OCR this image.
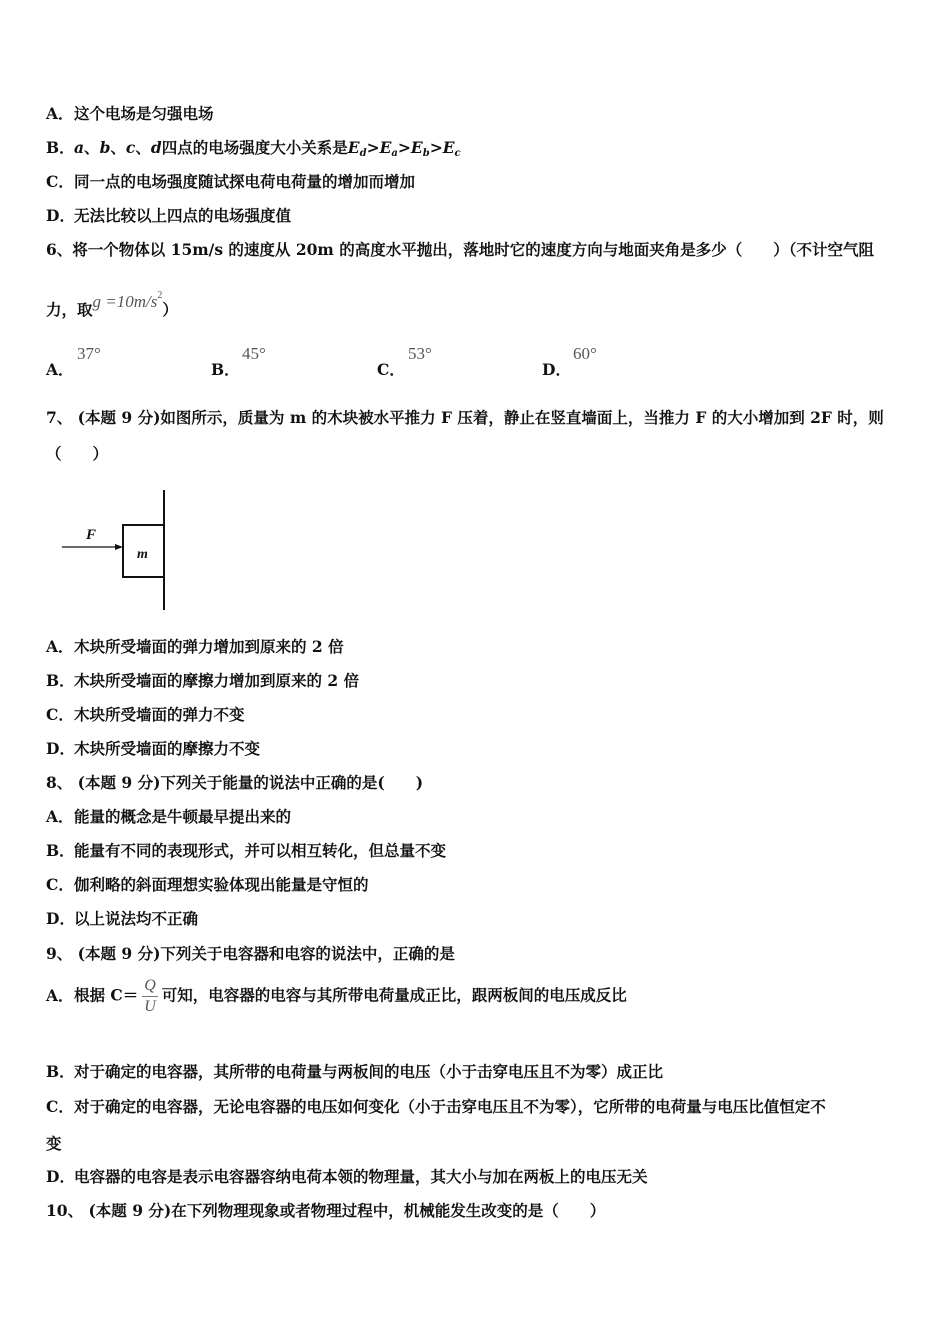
A．这个电场是匀强电场
B．a、b、c、d四点的电场强度大小关系是$E_d>E_a>E_b>E_c$
C．同一点的电场强度随试探电荷电荷量的增加而增加
D．无法比较以上四点的电场强度值
6、将一个物体以 15m/s 的速度从 20m 的高度水平抛出，落地时它的速度方向与地面夹角是多少（　　）（不计空气阻
力，取$g =10m/s^2$）
A．
37°
B．
45°
C．
53°
D．
60°
7、 (本题 9 分)如图所示，质量为 m 的木块被水平推力 F 压着，静止在竖直墙面上，当推力 F 的大小增加到 2F 时，则
（　　）
F
m
A．木块所受墙面的弹力增加到原来的 2 倍
B．木块所受墙面的摩擦力增加到原来的 2 倍
C．木块所受墙面的弹力不变
D．木块所受墙面的摩擦力不变
8、 (本题 9 分)下列关于能量的说法中正确的是(　　)
A．能量的概念是牛顿最早提出来的
B．能量有不同的表现形式，并可以相互转化，但总量不变
C．伽利略的斜面理想实验体现出能量是守恒的
D．以上说法均不正确
9、 (本题 9 分)下列关于电容器和电容的说法中，正确的是
A．根据 $C= \frac{Q}{U}$ 可知，电容器的电容与其所带电荷量成正比，跟两板间的电压成反比
B．对于确定的电容器，其所带的电荷量与两板间的电压（小于击穿电压且不为零）成正比
C．对于确定的电容器，无论电容器的电压如何变化（小于击穿电压且不为零），它所带的电荷量与电压比值恒定不
变
D．电容器的电容是表示电容器容纳电荷本领的物理量，其大小与加在两板上的电压无关
10、 (本题 9 分)在下列物理现象或者物理过程中，机械能发生改变的是（　　）
